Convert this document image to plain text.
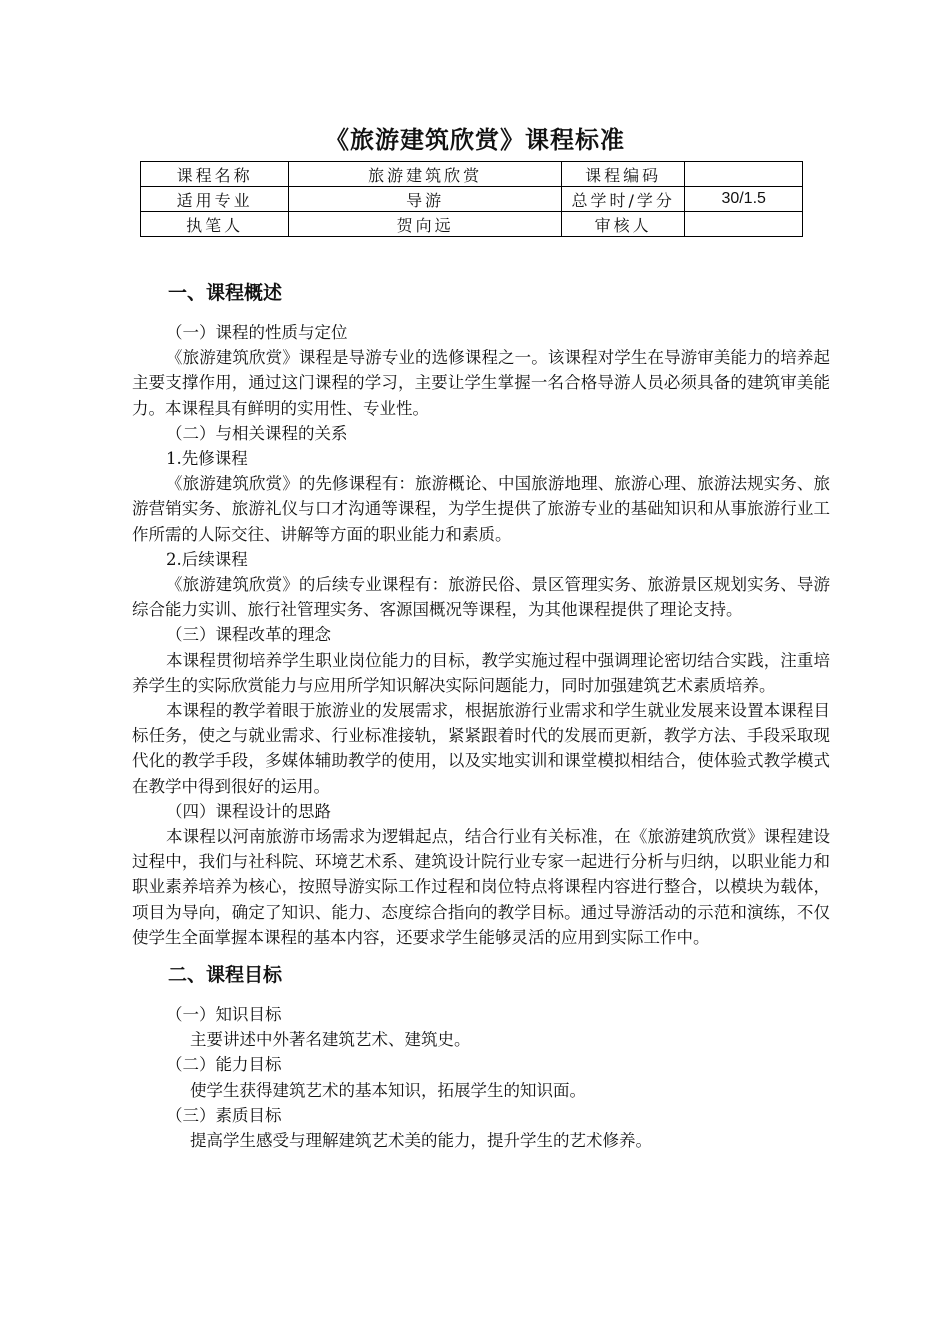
《旅游建筑欣赏》课程标准
课程名称	旅游建筑欣赏	课程编码	
适用专业	导游	总学时/学分	30/1.5
执笔人	贺向远	审核人	
一、课程概述

（一）课程的性质与定位

《旅游建筑欣赏》课程是导游专业的选修课程之一。该课程对学生在导游审美能力的培养起主要支撑作用，通过这门课程的学习，主要让学生掌握一名合格导游人员必须具备的建筑审美能力。本课程具有鲜明的实用性、专业性。

（二）与相关课程的关系

1.先修课程

《旅游建筑欣赏》的先修课程有：旅游概论、中国旅游地理、旅游心理、旅游法规实务、旅游营销实务、旅游礼仪与口才沟通等课程，为学生提供了旅游专业的基础知识和从事旅游行业工作所需的人际交往、讲解等方面的职业能力和素质。

2.后续课程

《旅游建筑欣赏》的后续专业课程有：旅游民俗、景区管理实务、旅游景区规划实务、导游综合能力实训、旅行社管理实务、客源国概况等课程，为其他课程提供了理论支持。

（三）课程改革的理念

本课程贯彻培养学生职业岗位能力的目标，教学实施过程中强调理论密切结合实践，注重培养学生的实际欣赏能力与应用所学知识解决实际问题能力，同时加强建筑艺术素质培养。

本课程的教学着眼于旅游业的发展需求，根据旅游行业需求和学生就业发展来设置本课程目标任务，使之与就业需求、行业标准接轨，紧紧跟着时代的发展而更新，教学方法、手段采取现代化的教学手段，多媒体辅助教学的使用，以及实地实训和课堂模拟相结合，使体验式教学模式在教学中得到很好的运用。

（四）课程设计的思路

本课程以河南旅游市场需求为逻辑起点，结合行业有关标准，在《旅游建筑欣赏》课程建设过程中，我们与社科院、环境艺术系、建筑设计院行业专家一起进行分析与归纳，以职业能力和职业素养培养为核心，按照导游实际工作过程和岗位特点将课程内容进行整合，以模块为载体，项目为导向，确定了知识、能力、态度综合指向的教学目标。通过导游活动的示范和演练，不仅使学生全面掌握本课程的基本内容，还要求学生能够灵活的应用到实际工作中。

二、课程目标

（一）知识目标

主要讲述中外著名建筑艺术、建筑史。

（二）能力目标

使学生获得建筑艺术的基本知识，拓展学生的知识面。

（三）素质目标

提高学生感受与理解建筑艺术美的能力，提升学生的艺术修养。
